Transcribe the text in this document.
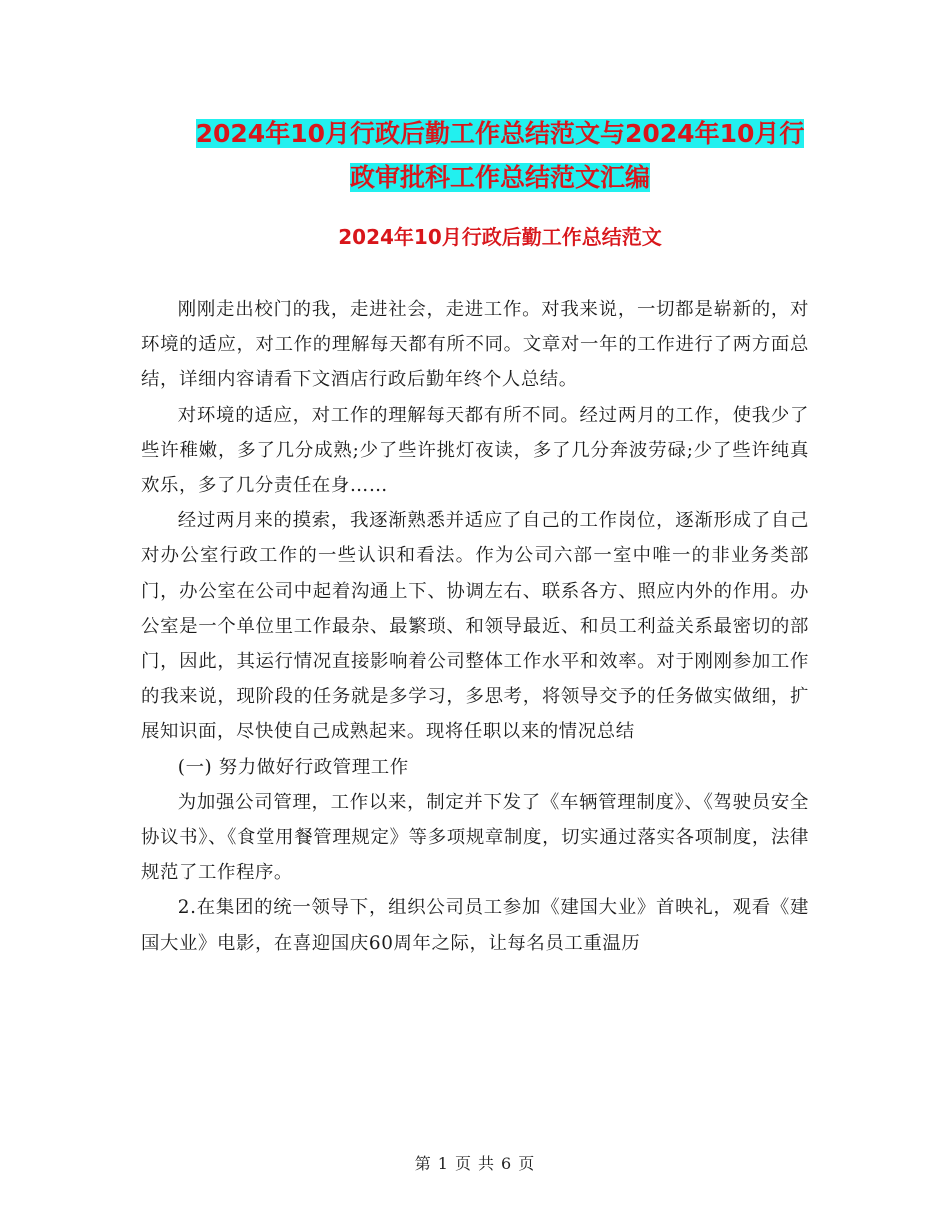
2024年10月行政后勤工作总结范文与2024年10月行
政审批科工作总结范文汇编
2024年10月行政后勤工作总结范文

刚刚走出校门的我，走进社会，走进工作。对我来说，一切都是崭新的，对环境的适应，对工作的理解每天都有所不同。文章对一年的工作进行了两方面总结，详细内容请看下文酒店行政后勤年终个人总结。

对环境的适应，对工作的理解每天都有所不同。经过两月的工作，使我少了些许稚嫩，多了几分成熟;少了些许挑灯夜读，多了几分奔波劳碌;少了些许纯真欢乐，多了几分责任在身……

经过两月来的摸索，我逐渐熟悉并适应了自己的工作岗位，逐渐形成了自己对办公室行政工作的一些认识和看法。作为公司六部一室中唯一的非业务类部门，办公室在公司中起着沟通上下、协调左右、联系各方、照应内外的作用。办公室是一个单位里工作最杂、最繁琐、和领导最近、和员工利益关系最密切的部门，因此，其运行情况直接影响着公司整体工作水平和效率。对于刚刚参加工作的我来说，现阶段的任务就是多学习，多思考，将领导交予的任务做实做细，扩展知识面，尽快使自己成熟起来。现将任职以来的情况总结

(一) 努力做好行政管理工作

为加强公司管理，工作以来，制定并下发了《车辆管理制度》、《驾驶员安全协议书》、《食堂用餐管理规定》等多项规章制度，切实通过落实各项制度，法律规范了工作程序。

2.在集团的统一领导下，组织公司员工参加《建国大业》首映礼，观看《建国大业》电影，在喜迎国庆60周年之际，让每名员工重温历

第 1 页 共 6 页
